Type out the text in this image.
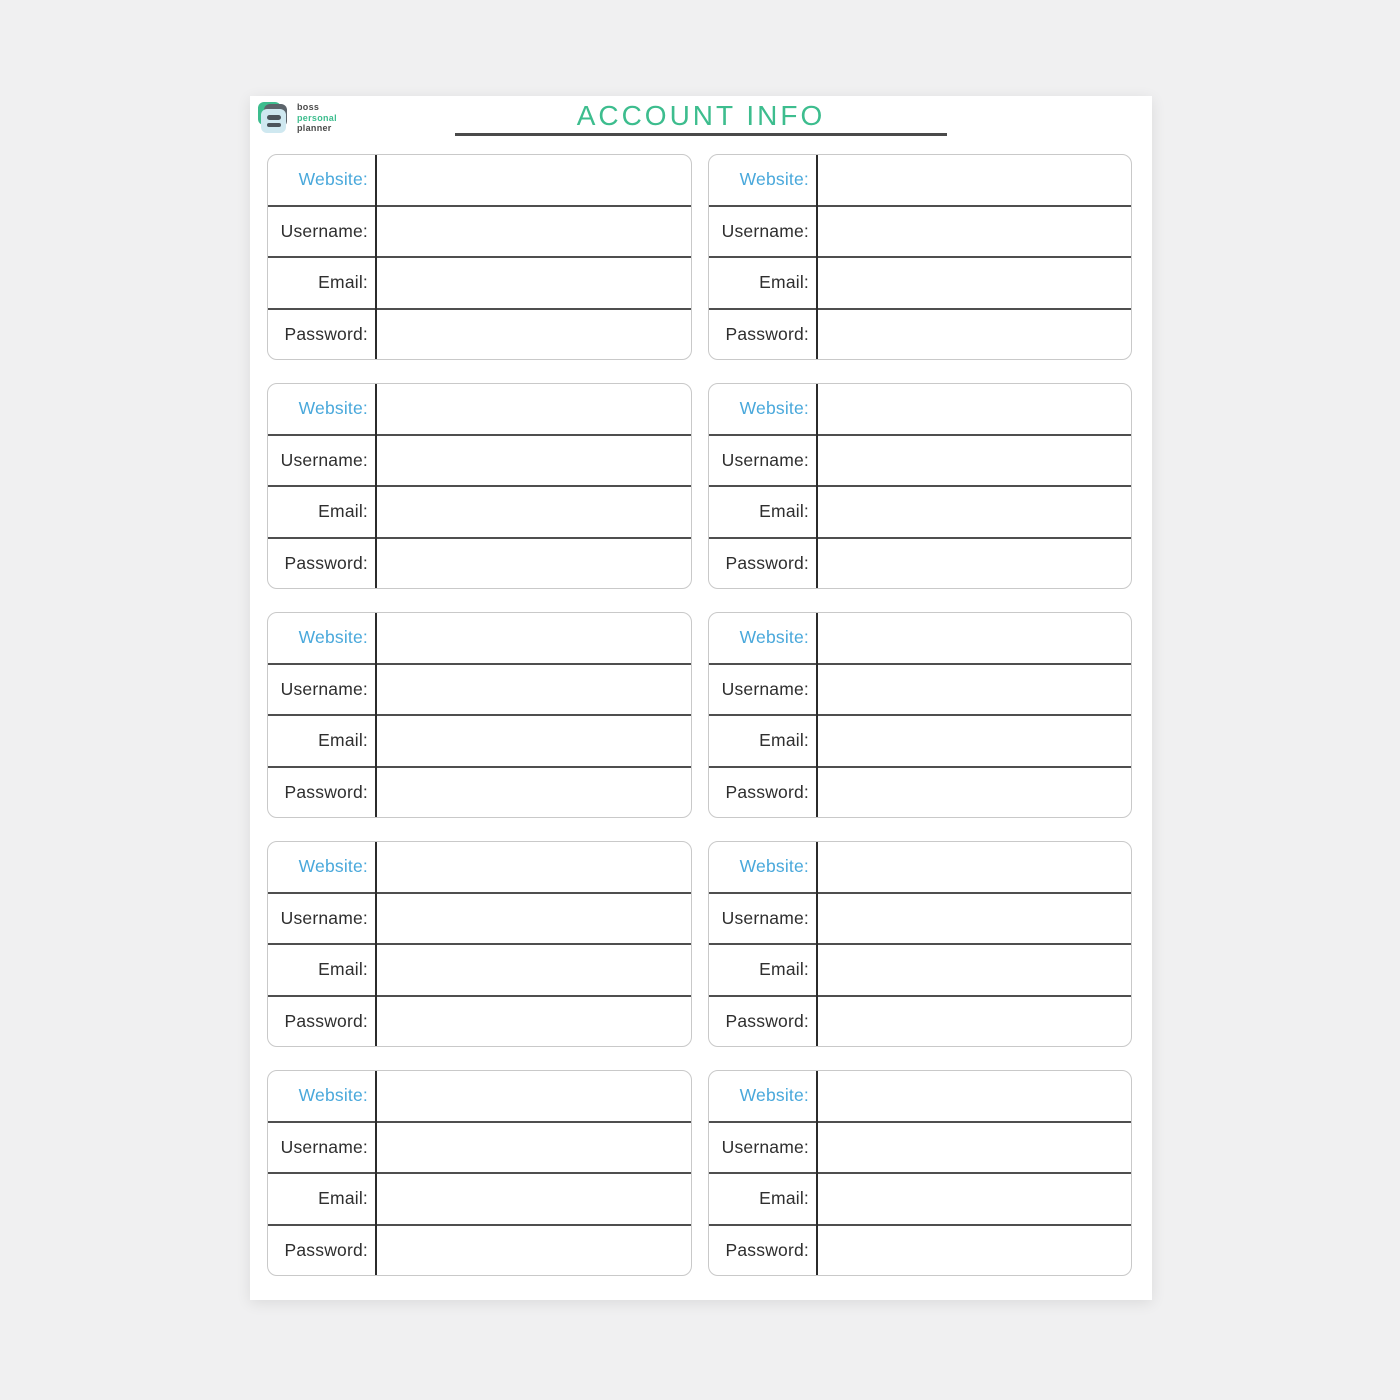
boss
personal
planner	ACCOUNT INFO
Website:
Username:
Email:
Password:
Website:
Username:
Email:
Password:
Website:
Username:
Email:
Password:
Website:
Username:
Email:
Password:
Website:
Username:
Email:
Password:
Website:
Username:
Email:
Password:
Website:
Username:
Email:
Password:
Website:
Username:
Email:
Password:
Website:
Username:
Email:
Password:
Website:
Username:
Email:
Password:
